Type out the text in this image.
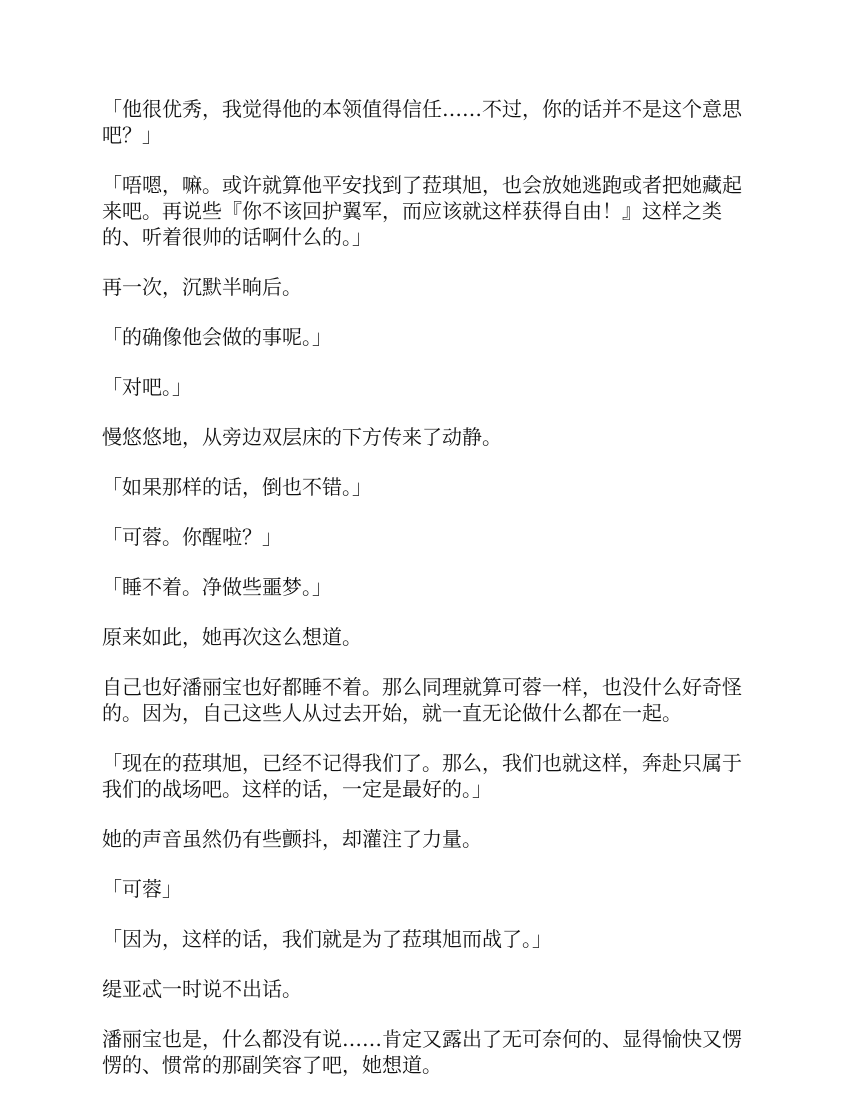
「他很优秀，我觉得他的本领值得信任……不过，你的话并不是这个意思吧？」

「唔嗯，嘛。或许就算他平安找到了菈琪旭，也会放她逃跑或者把她藏起来吧。再说些『你不该回护翼军，而应该就这样获得自由！』这样之类的、听着很帅的话啊什么的。」

再一次，沉默半晌后。

「的确像他会做的事呢。」

「对吧。」

慢悠悠地，从旁边双层床的下方传来了动静。

「如果那样的话，倒也不错。」

「可蓉。你醒啦？」

「睡不着。净做些噩梦。」

原来如此，她再次这么想道。

自己也好潘丽宝也好都睡不着。那么同理就算可蓉一样，也没什么好奇怪的。因为，自己这些人从过去开始，就一直无论做什么都在一起。

「现在的菈琪旭，已经不记得我们了。那么，我们也就这样，奔赴只属于我们的战场吧。这样的话，一定是最好的。」

她的声音虽然仍有些颤抖，却灌注了力量。

「可蓉」

「因为，这样的话，我们就是为了菈琪旭而战了。」

缇亚忒一时说不出话。

潘丽宝也是，什么都没有说……肯定又露出了无可奈何的、显得愉快又愣愣的、惯常的那副笑容了吧，她想道。
